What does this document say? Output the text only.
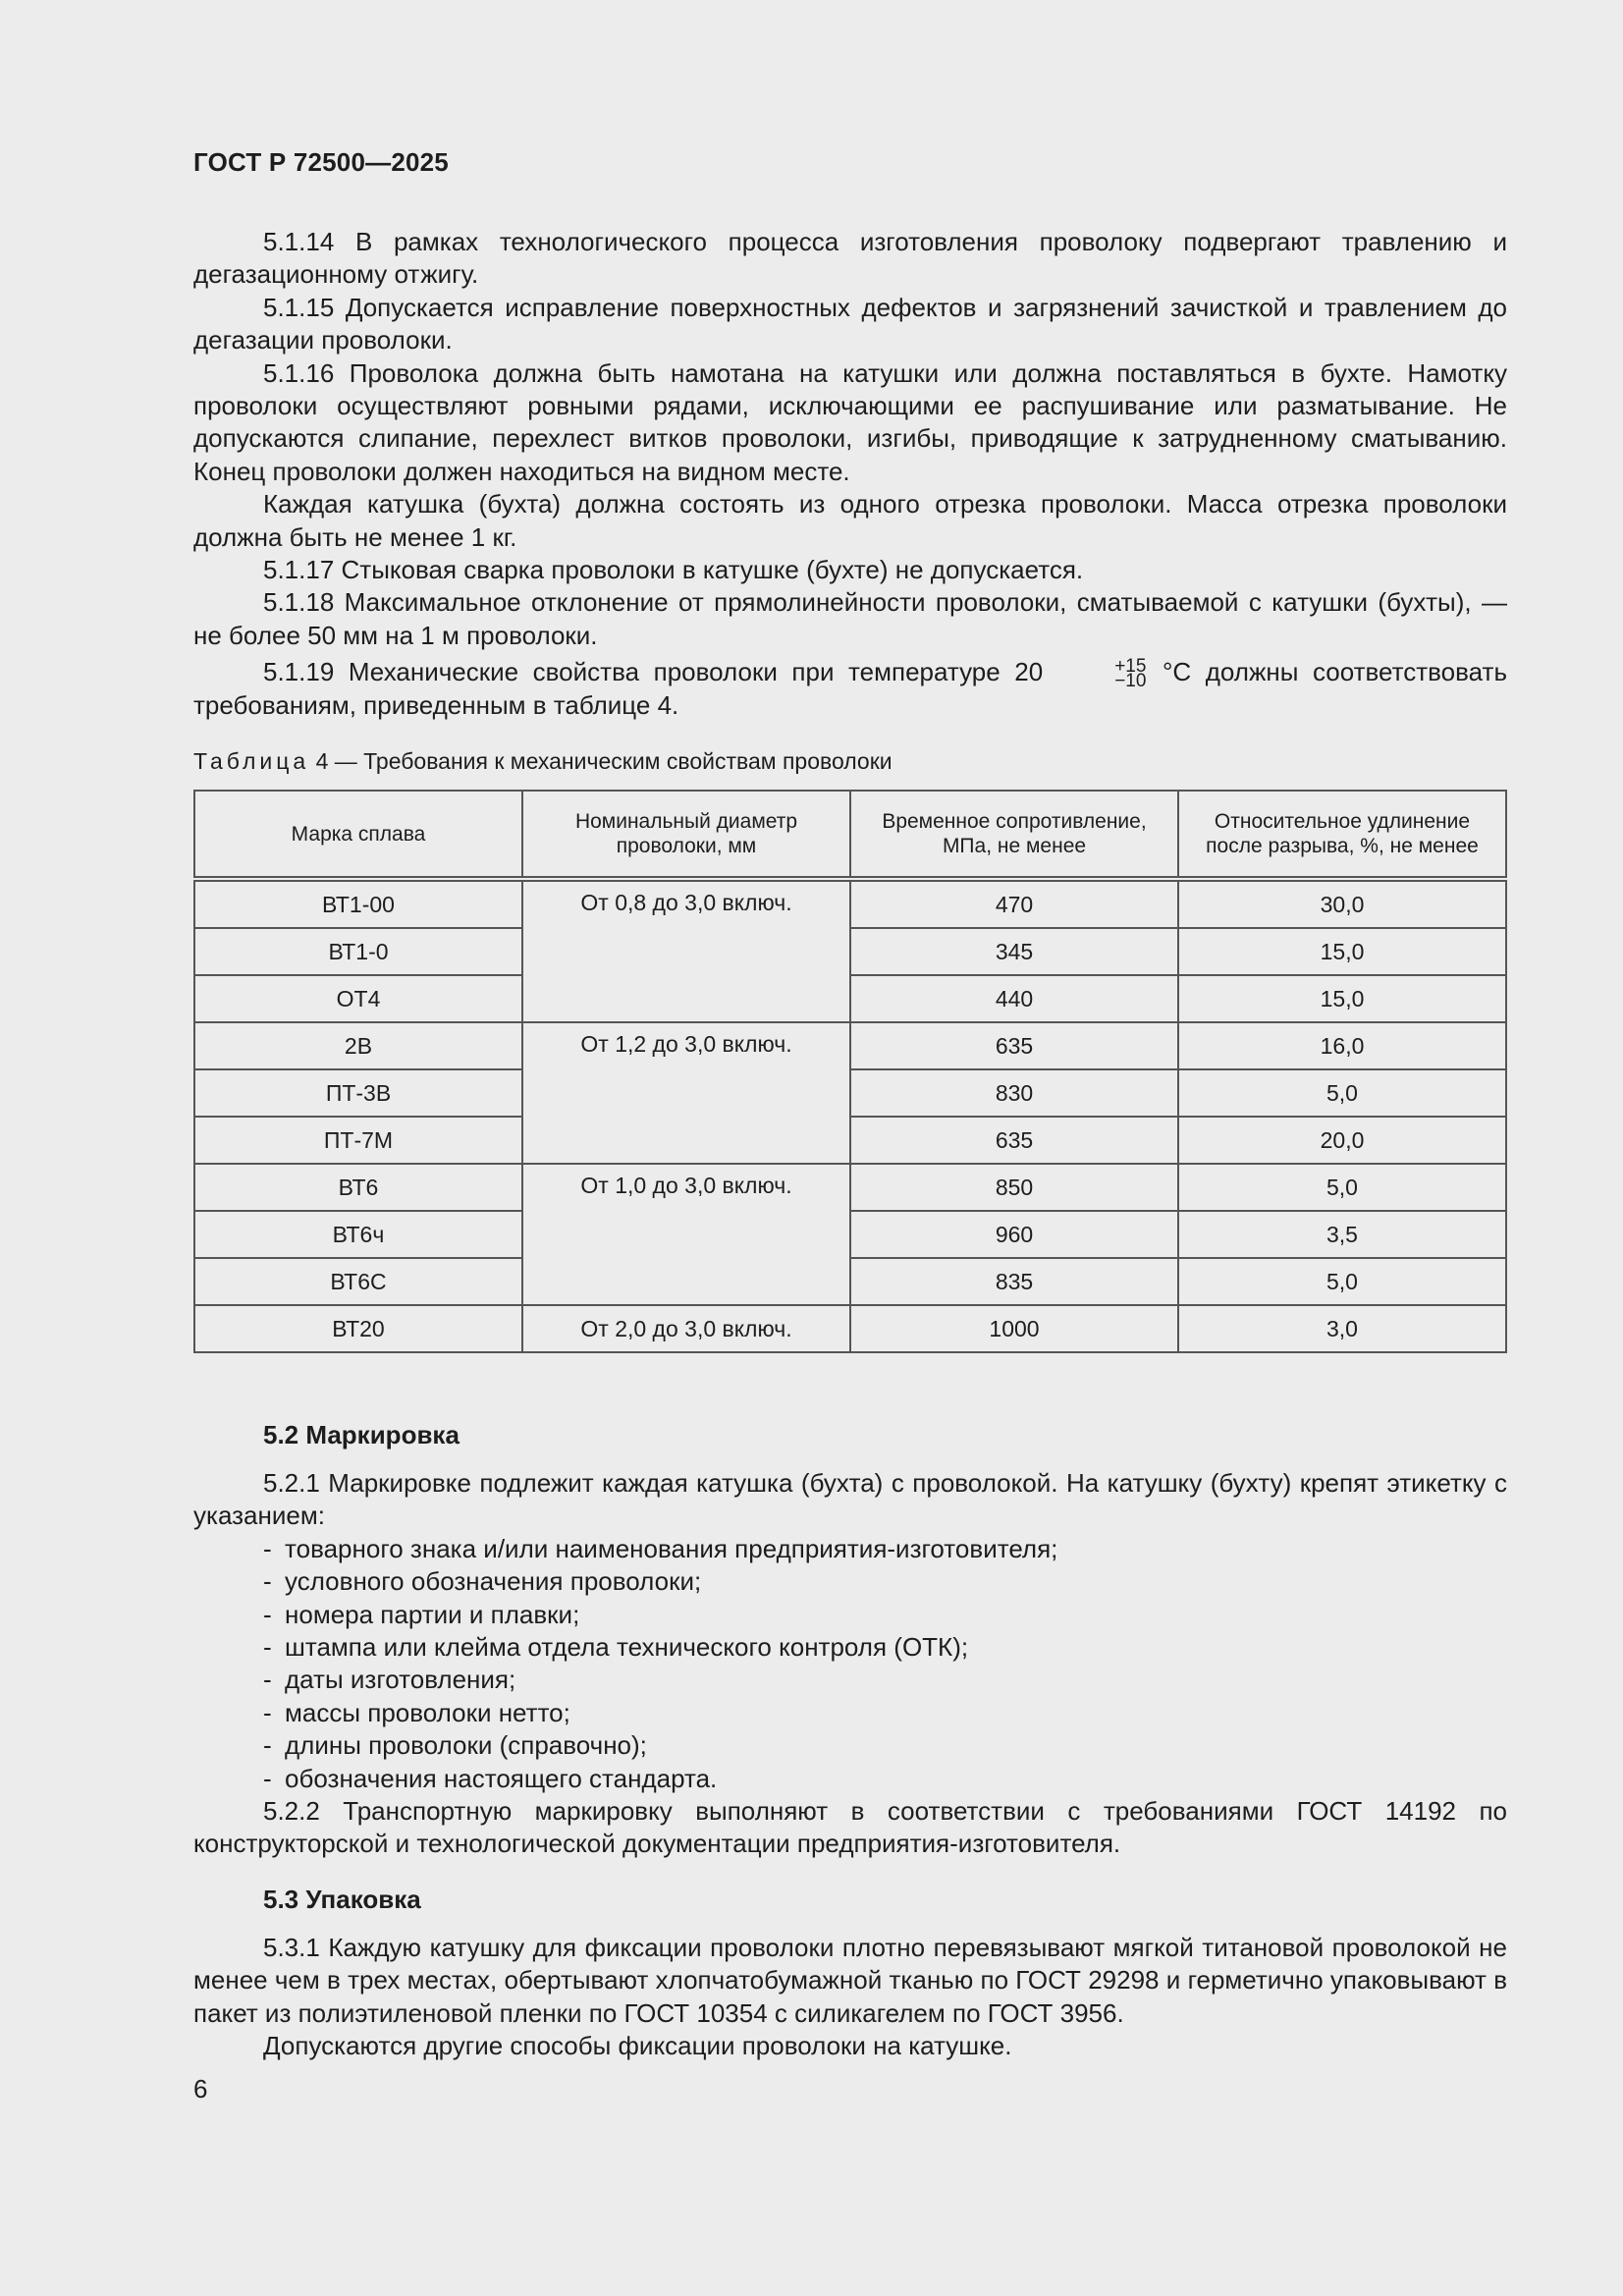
ГОСТ Р 72500—2025

5.1.14 В рамках технологического процесса изготовления проволоку подвергают травлению и дегазационному отжигу.

5.1.15 Допускается исправление поверхностных дефектов и загрязнений зачисткой и травлением до дегазации проволоки.

5.1.16 Проволока должна быть намотана на катушки или должна поставляться в бухте. Намотку проволоки осуществляют ровными рядами, исключающими ее распушивание или разматывание. Не допускаются слипание, перехлест витков проволоки, изгибы, приводящие к затрудненному сматыванию. Конец проволоки должен находиться на видном месте.

Каждая катушка (бухта) должна состоять из одного отрезка проволоки. Масса отрезка проволоки должна быть не менее 1 кг.

5.1.17 Стыковая сварка проволоки в катушке (бухте) не допускается.

5.1.18 Максимальное отклонение от прямолинейности проволоки, сматываемой с катушки (бухты), — не более 50 мм на 1 м проволоки.

5.1.19 Механические свойства проволоки при температуре 20	+15
−10 °С должны соответствовать требованиям, приведенным в таблице 4.

Таблица 4 — Требования к механическим свойствам проволоки
Марка сплава	Номинальный диаметр проволоки, мм	Временное сопротивление, МПа, не менее	Относительное удлинение после разрыва, %, не менее
ВТ1-00	От 0,8 до 3,0 включ.	470	30,0
ВТ1-0		345	15,0
ОТ4		440	15,0
2В	От 1,2 до 3,0 включ.	635	16,0
ПТ-3В		830	5,0
ПТ-7М		635	20,0
ВТ6	От 1,0 до 3,0 включ.	850	5,0
ВТ6ч		960	3,5
ВТ6С		835	5,0
ВТ20	От 2,0 до 3,0 включ.	1000	3,0
5.2 Маркировка

5.2.1 Маркировке подлежит каждая катушка (бухта) с проволокой. На катушку (бухту) крепят этикетку с указанием:

- товарного знака и/или наименования предприятия-изготовителя;
- условного обозначения проволоки;
- номера партии и плавки;
- штампа или клейма отдела технического контроля (ОТК);
- даты изготовления;
- массы проволоки нетто;
- длины проволоки (справочно);
- обозначения настоящего стандарта.

5.2.2 Транспортную маркировку выполняют в соответствии с требованиями ГОСТ 14192 по конструкторской и технологической документации предприятия-изготовителя.

5.3 Упаковка

5.3.1 Каждую катушку для фиксации проволоки плотно перевязывают мягкой титановой проволокой не менее чем в трех местах, обертывают хлопчатобумажной тканью по ГОСТ 29298 и герметично упаковывают в пакет из полиэтиленовой пленки по ГОСТ 10354 с силикагелем по ГОСТ 3956.

Допускаются другие способы фиксации проволоки на катушке.

6
